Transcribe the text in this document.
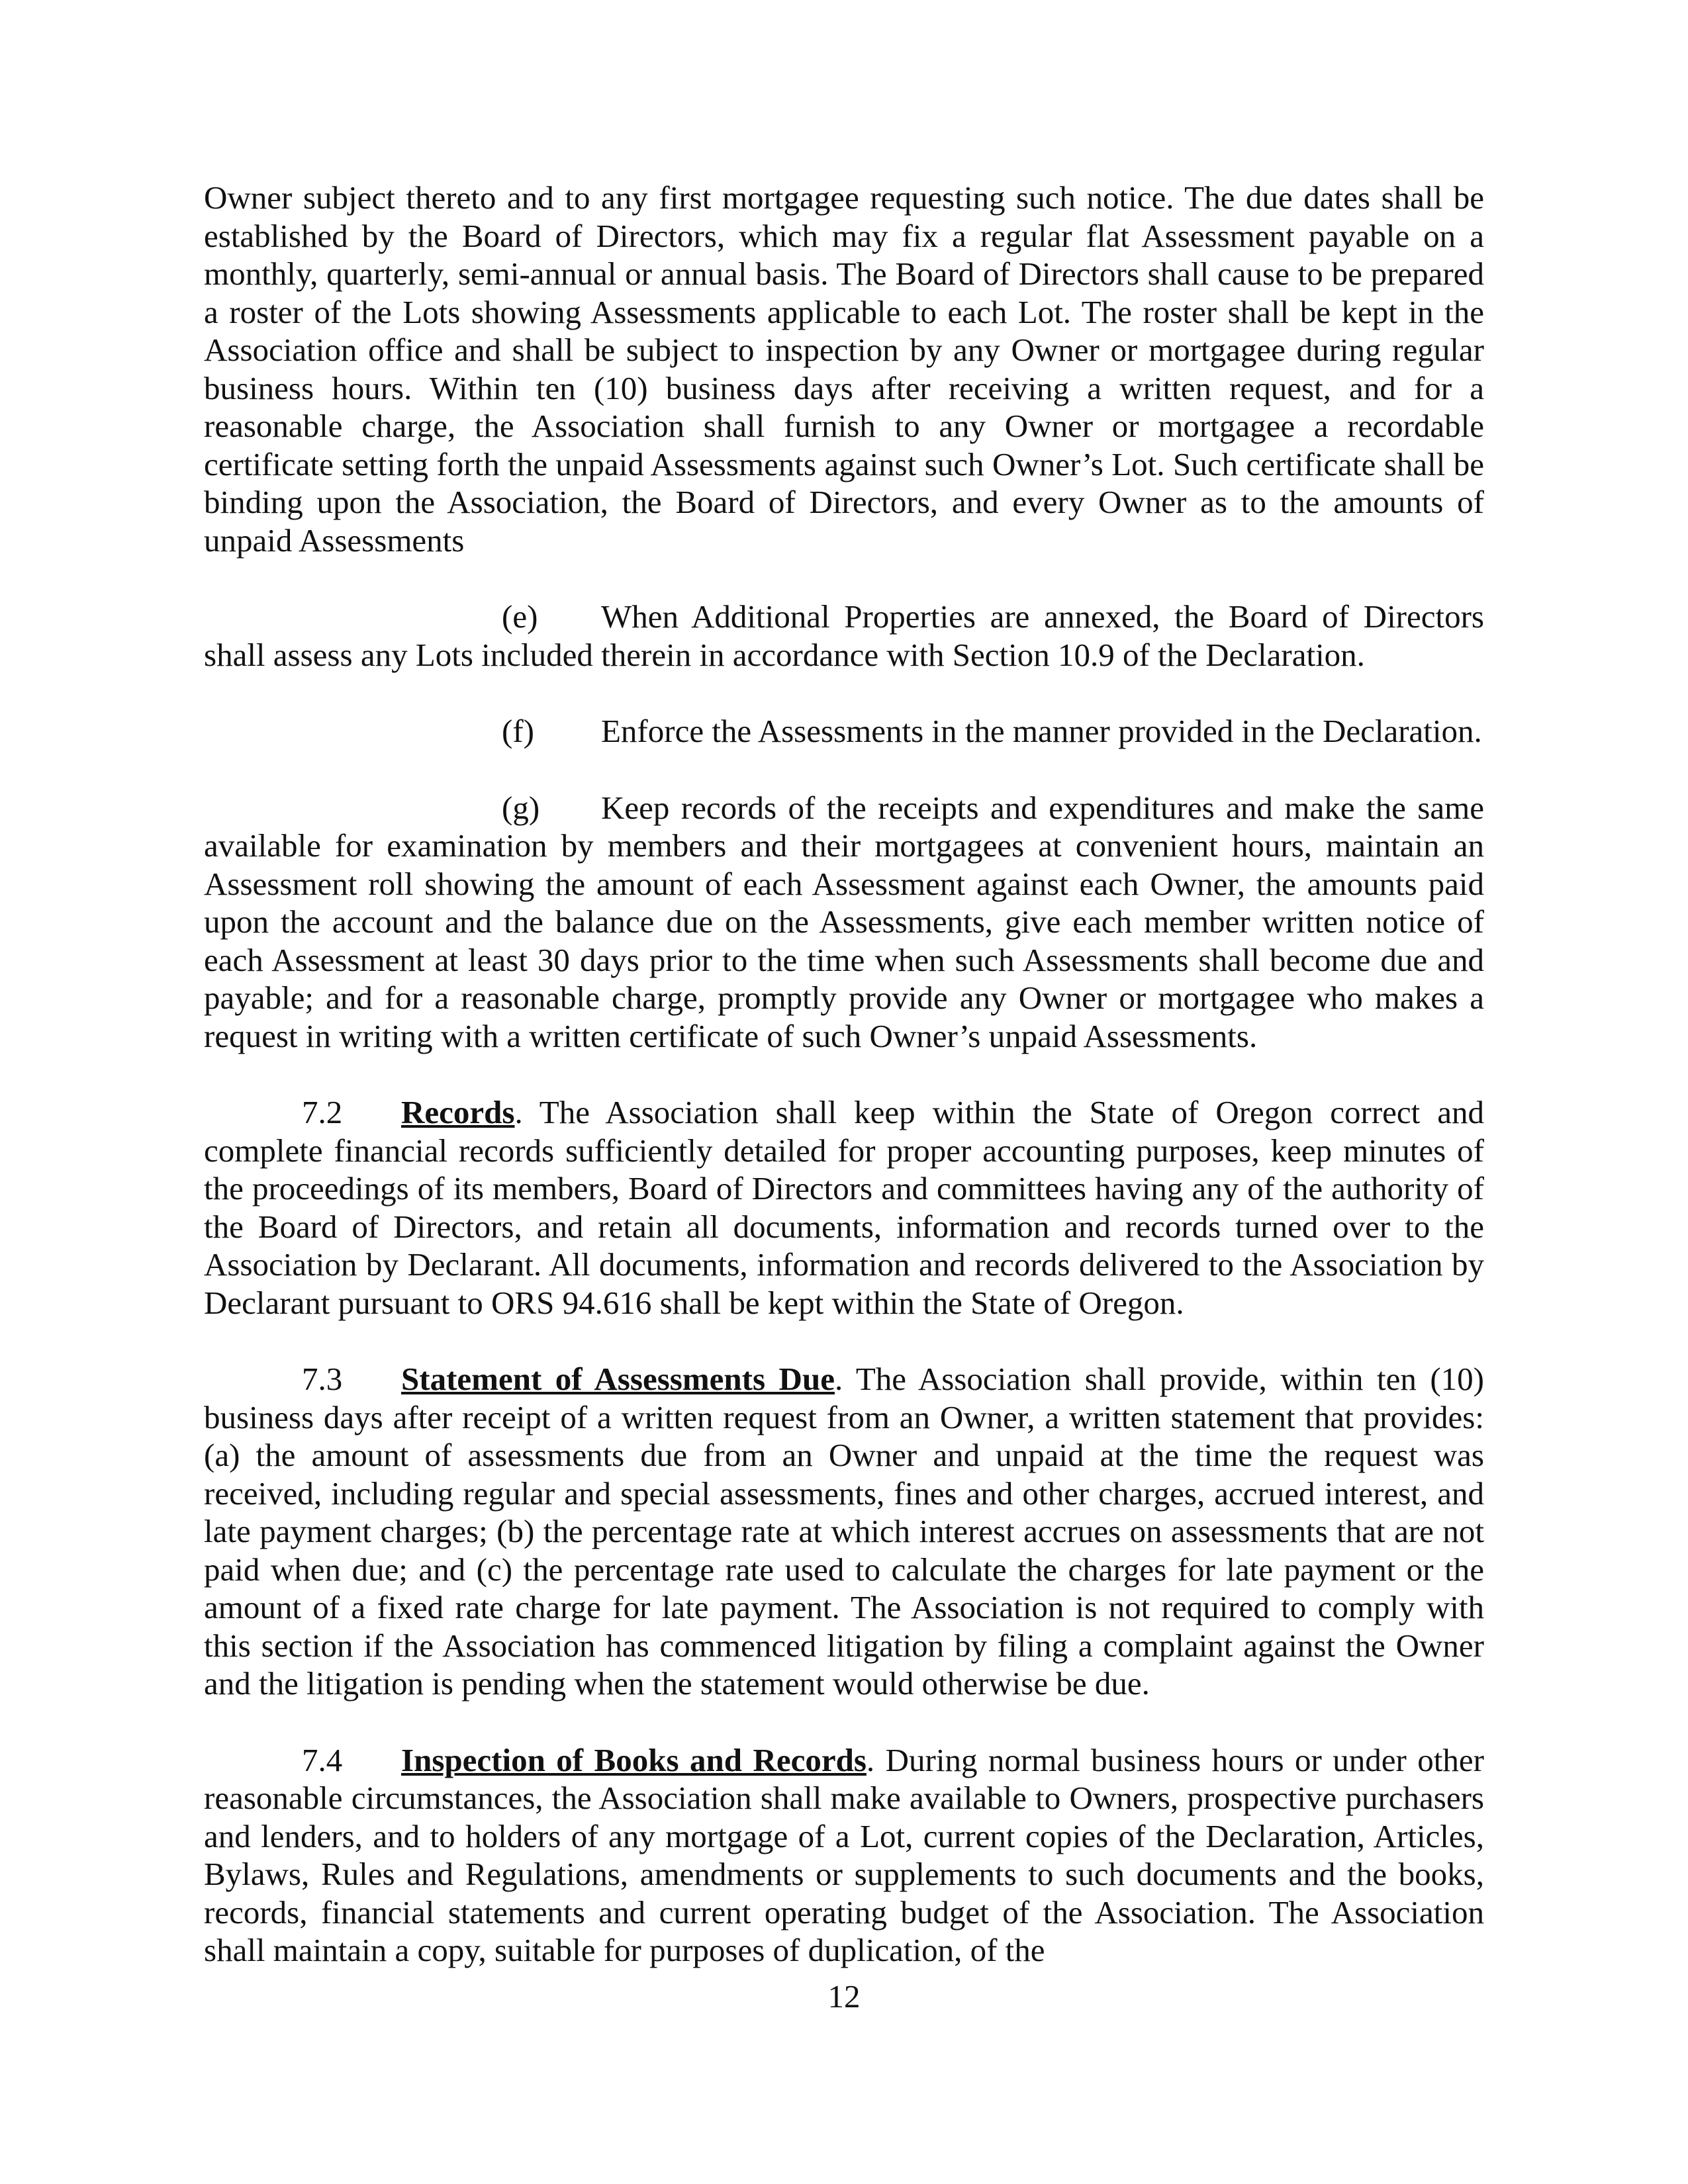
Owner subject thereto and to any first mortgagee requesting such notice. The due dates shall be established by the Board of Directors, which may fix a regular flat Assessment payable on a monthly, quarterly, semi-annual or annual basis. The Board of Directors shall cause to be prepared a roster of the Lots showing Assessments applicable to each Lot. The roster shall be kept in the Association office and shall be subject to inspection by any Owner or mortgagee during regular business hours. Within ten (10) business days after receiving a written request, and for a reasonable charge, the Association shall furnish to any Owner or mortgagee a recordable certificate setting forth the unpaid Assessments against such Owner’s Lot. Such certificate shall be binding upon the Association, the Board of Directors, and every Owner as to the amounts of unpaid Assessments

(e) When Additional Properties are annexed, the Board of Directors shall assess any Lots included therein in accordance with Section 10.9 of the Declaration.

(f) Enforce the Assessments in the manner provided in the Declaration.

(g) Keep records of the receipts and expenditures and make the same available for examination by members and their mortgagees at convenient hours, maintain an Assessment roll showing the amount of each Assessment against each Owner, the amounts paid upon the account and the balance due on the Assessments, give each member written notice of each Assessment at least 30 days prior to the time when such Assessments shall become due and payable; and for a reasonable charge, promptly provide any Owner or mortgagee who makes a request in writing with a written certificate of such Owner’s unpaid Assessments.

7.2 Records. The Association shall keep within the State of Oregon correct and complete financial records sufficiently detailed for proper accounting purposes, keep minutes of the proceedings of its members, Board of Directors and committees having any of the authority of the Board of Directors, and retain all documents, information and records turned over to the Association by Declarant. All documents, information and records delivered to the Association by Declarant pursuant to ORS 94.616 shall be kept within the State of Oregon.

7.3 Statement of Assessments Due. The Association shall provide, within ten (10) business days after receipt of a written request from an Owner, a written statement that provides: (a) the amount of assessments due from an Owner and unpaid at the time the request was received, including regular and special assessments, fines and other charges, accrued interest, and late payment charges; (b) the percentage rate at which interest accrues on assessments that are not paid when due; and (c) the percentage rate used to calculate the charges for late payment or the amount of a fixed rate charge for late payment. The Association is not required to comply with this section if the Association has commenced litigation by filing a complaint against the Owner and the litigation is pending when the statement would otherwise be due.

7.4 Inspection of Books and Records. During normal business hours or under other reasonable circumstances, the Association shall make available to Owners, prospective purchasers and lenders, and to holders of any mortgage of a Lot, current copies of the Declaration, Articles, Bylaws, Rules and Regulations, amendments or supplements to such documents and the books, records, financial statements and current operating budget of the Association. The Association shall maintain a copy, suitable for purposes of duplication, of the

12
